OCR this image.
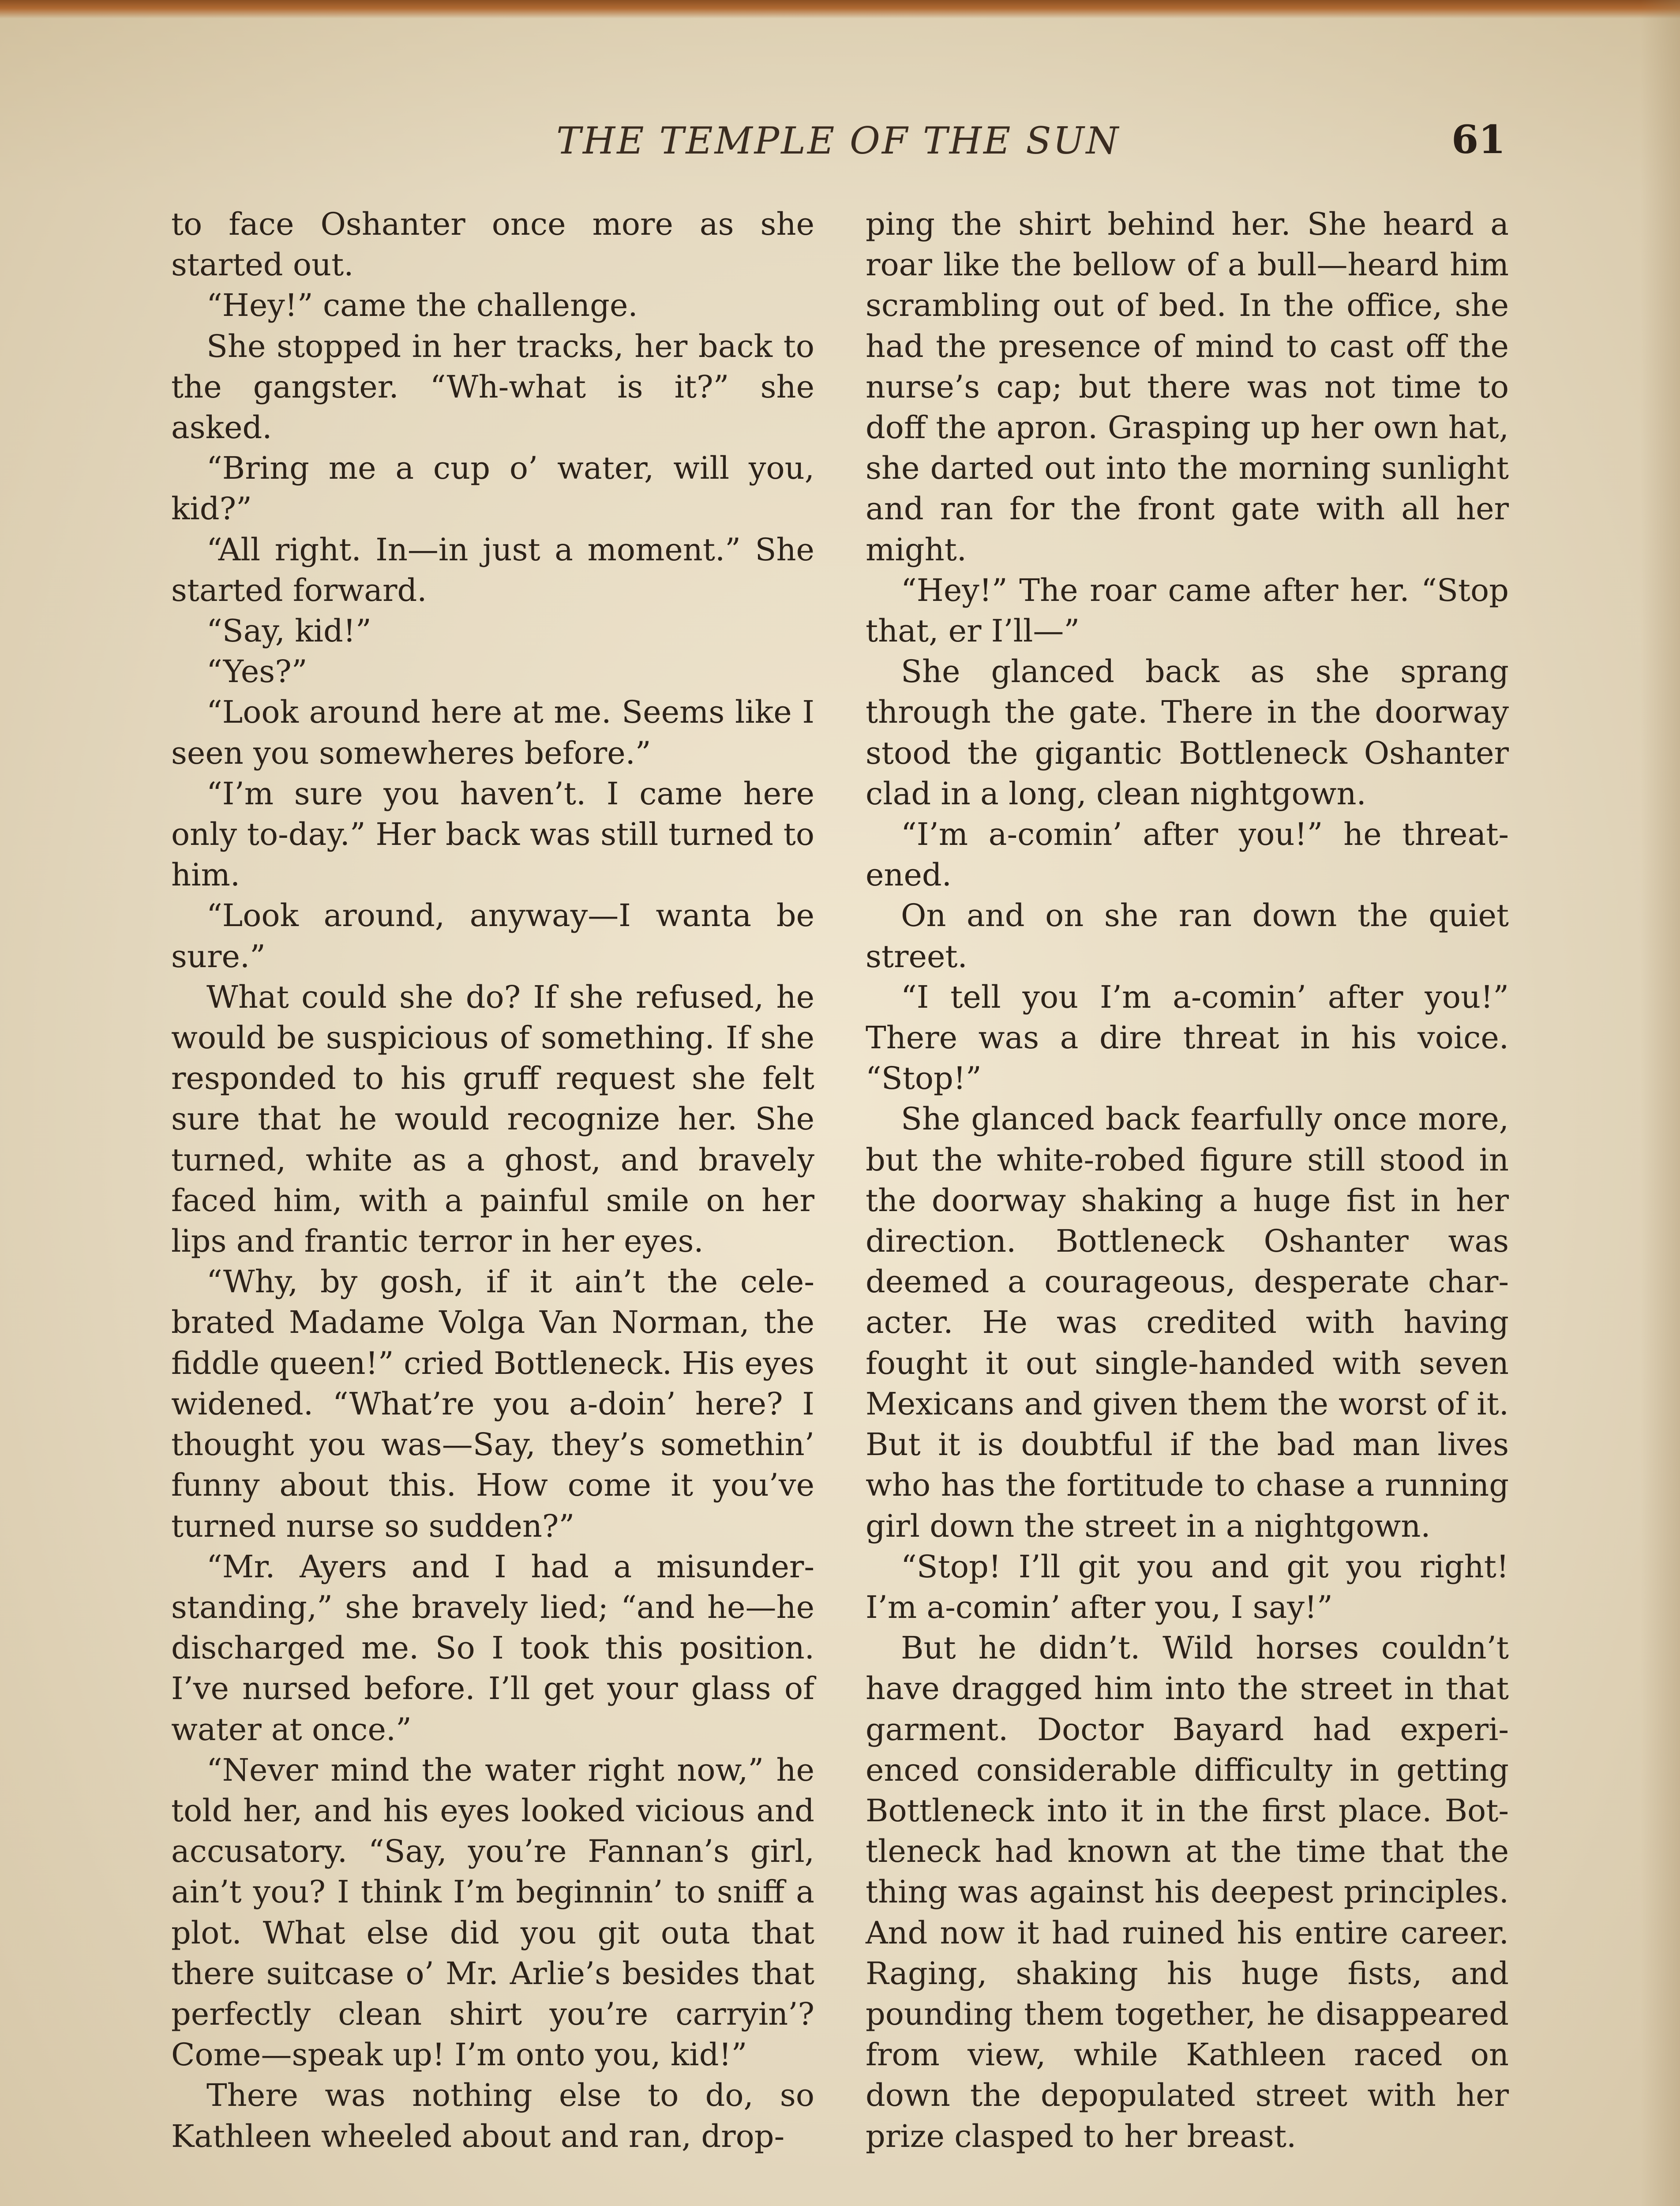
THE TEMPLE OF THE SUN	61

to face Oshanter once more as she started out.

“Hey!” came the challenge.

She stopped in her tracks, her back to the gangster. “Wh-what is it?” she asked.

“Bring me a cup o’ water, will you, kid?”

“All right. In—in just a moment.” She started forward.

“Say, kid!”

“Yes?”

“Look around here at me. Seems like I seen you somewheres before.”

“I’m sure you haven’t. I came here only to-day.” Her back was still turned to him.

“Look around, anyway—I wanta be sure.”

What could she do? If she refused, he would be suspicious of something. If she responded to his gruff request she felt sure that he would recognize her. She turned, white as a ghost, and bravely faced him, with a painful smile on her lips and frantic terror in her eyes.

“Why, by gosh, if it ain’t the celebrated Madame Volga Van Norman, the fiddle queen!” cried Bottleneck. His eyes widened. “What’re you a-doin’ here? I thought you was—Say, they’s somethin’ funny about this. How come it you’ve turned nurse so sudden?”

“Mr. Ayers and I had a misunderstanding,” she bravely lied; “and he—he discharged me. So I took this position. I’ve nursed before. I’ll get your glass of water at once.”

“Never mind the water right now,” he told her, and his eyes looked vicious and accusatory. “Say, you’re Fannan’s girl, ain’t you? I think I’m beginnin’ to sniff a plot. What else did you git outa that there suitcase o’ Mr. Arlie’s besides that perfectly clean shirt you’re carryin’? Come—speak up! I’m onto you, kid!”

There was nothing else to do, so Kathleen wheeled about and ran, drop-

ping the shirt behind her. She heard a roar like the bellow of a bull—heard him scrambling out of bed. In the office, she had the presence of mind to cast off the nurse’s cap; but there was not time to doff the apron. Grasping up her own hat, she darted out into the morning sunlight and ran for the front gate with all her might.

“Hey!” The roar came after her. “Stop that, er I’ll—”

She glanced back as she sprang through the gate. There in the doorway stood the gigantic Bottleneck Oshanter clad in a long, clean nightgown.

“I’m a-comin’ after you!” he threatened.

On and on she ran down the quiet street.

“I tell you I’m a-comin’ after you!” There was a dire threat in his voice. “Stop!”

She glanced back fearfully once more, but the white-robed figure still stood in the doorway shaking a huge fist in her direction. Bottleneck Oshanter was deemed a courageous, desperate character. He was credited with having fought it out single-handed with seven Mexicans and given them the worst of it. But it is doubtful if the bad man lives who has the fortitude to chase a running girl down the street in a nightgown.

“Stop! I’ll git you and git you right! I’m a-comin’ after you, I say!”

But he didn’t. Wild horses couldn’t have dragged him into the street in that garment. Doctor Bayard had experienced considerable difficulty in getting Bottleneck into it in the first place. Bottleneck had known at the time that the thing was against his deepest principles. And now it had ruined his entire career. Raging, shaking his huge fists, and pounding them together, he disappeared from view, while Kathleen raced on down the depopulated street with her prize clasped to her breast.
